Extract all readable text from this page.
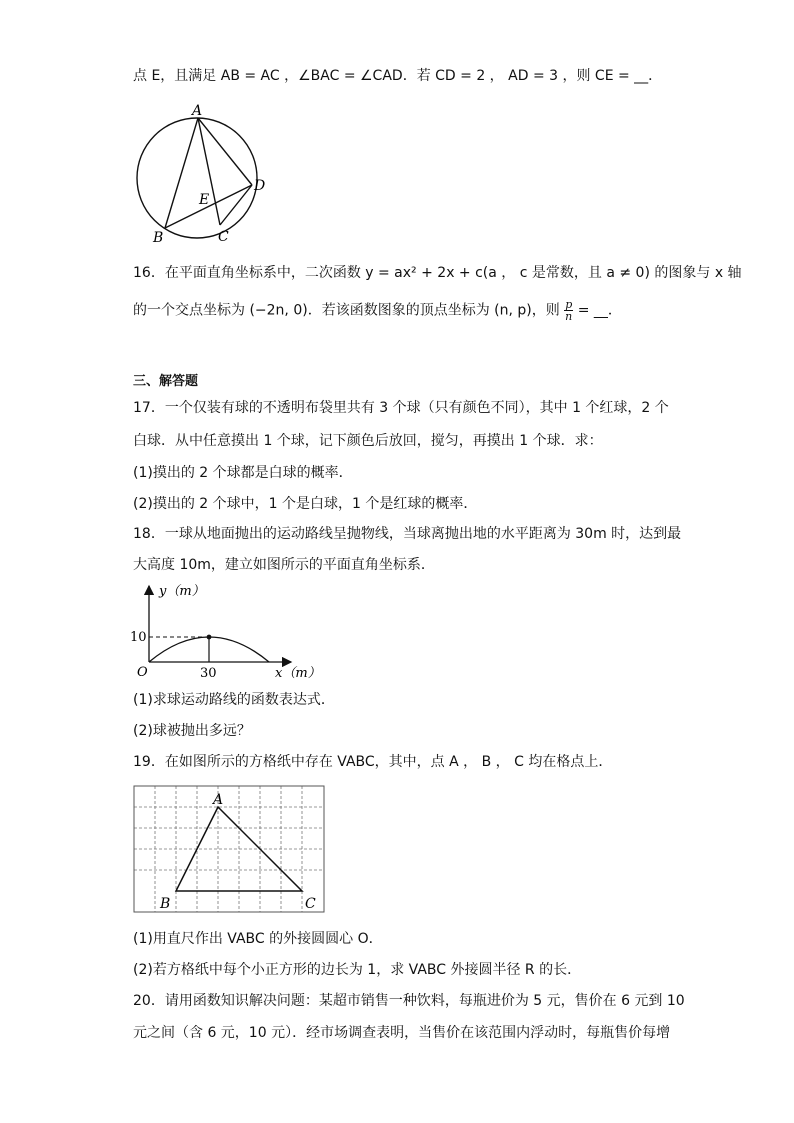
点 E，且满足 AB = AC ，∠BAC = ∠CAD．若 CD = 2 ， AD = 3 ，则 CE = __．
A
B	C
D
E
16．在平面直角坐标系中，二次函数 y = ax² + 2x + c(a ， c 是常数，且 a ≠ 0) 的图象与 x 轴
的一个交点坐标为 (−2n, 0)．若该函数图象的顶点坐标为 (n, p)，则 $\frac{p}{n}$ = __．
三、解答题
17．一个仅装有球的不透明布袋里共有 3 个球（只有颜色不同），其中 1 个红球，2 个
白球．从中任意摸出 1 个球，记下颜色后放回，搅匀，再摸出 1 个球．求：
(1)摸出的 2 个球都是白球的概率．
(2)摸出的 2 个球中，1 个是白球，1 个是红球的概率．
18．一球从地面抛出的运动路线呈抛物线，当球离抛出地的水平距离为 30m 时，达到最
大高度 10m，建立如图所示的平面直角坐标系．
y（m）
x（m）
O
10
30
(1)求球运动路线的函数表达式．
(2)球被抛出多远？
19．在如图所示的方格纸中存在 VABC，其中，点 A ， B ， C 均在格点上．
A
B	C
(1)用直尺作出 VABC 的外接圆圆心 O．
(2)若方格纸中每个小正方形的边长为 1，求 VABC 外接圆半径 R 的长．
20．请用函数知识解决问题：某超市销售一种饮料，每瓶进价为 5 元，售价在 6 元到 10
元之间（含 6 元，10 元）．经市场调查表明，当售价在该范围内浮动时，每瓶售价每增
